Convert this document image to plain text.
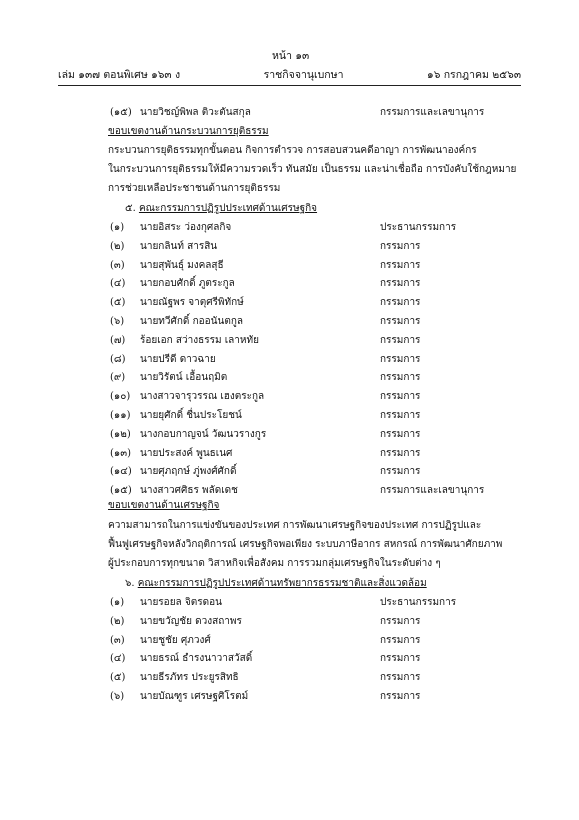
หน้า ๑๓
เล่ม ๑๓๗ ตอนพิเศษ ๑๖๓ ง	ราชกิจจานุเบกษา	๑๖ กรกฎาคม ๒๕๖๓
(๑๕) นายวิชญ์พิพล ติวะตันสกุล	กรรมการและเลขานุการ
ขอบเขตงานด้านกระบวนการยุติธรรม
กระบวนการยุติธรรมทุกขั้นตอน กิจการตำรวจ การสอบสวนคดีอาญา การพัฒนาองค์กร
ในกระบวนการยุติธรรมให้มีความรวดเร็ว ทันสมัย เป็นธรรม และน่าเชื่อถือ การบังคับใช้กฎหมาย
การช่วยเหลือประชาชนด้านการยุติธรรม
๕. คณะกรรมการปฏิรูปประเทศด้านเศรษฐกิจ
(๑) นายอิสระ ว่องกุศลกิจ	ประธานกรรมการ
(๒) นายกลินท์ สารสิน	กรรมการ
(๓) นายสุพันธุ์ มงคลสุธี	กรรมการ
(๔) นายกอบศักดิ์ ภูตระกูล	กรรมการ
(๕) นายณัฐพร จาตุศรีพิทักษ์	กรรมการ
(๖) นายทวีศักดิ์ กออนันตกูล	กรรมการ
(๗) ร้อยเอก สว่างธรรม เลาหทัย	กรรมการ
(๘) นายปรีดี ดาวฉาย	กรรมการ
(๙) นายวิรัตน์ เอื้อนฤมิต	กรรมการ
(๑๐) นางสาวจารุวรรณ เฮงตระกูล	กรรมการ
(๑๑) นายยุศักดิ์ ชื่นประโยชน์	กรรมการ
(๑๒) นางกอบกาญจน์ วัฒนวรางกูร	กรรมการ
(๑๓) นายประสงค์ พูนธเนศ	กรรมการ
(๑๔) นายศุภฤกษ์ ภู่พงศ์ศักดิ์	กรรมการ
(๑๕) นางสาวศศิธร พลัดเดช	กรรมการและเลขานุการ
ขอบเขตงานด้านเศรษฐกิจ
ความสามารถในการแข่งขันของประเทศ การพัฒนาเศรษฐกิจของประเทศ การปฏิรูปและ
ฟื้นฟูเศรษฐกิจหลังวิกฤติการณ์ เศรษฐกิจพอเพียง ระบบภาษีอากร สหกรณ์ การพัฒนาศักยภาพ
ผู้ประกอบการทุกขนาด วิสาหกิจเพื่อสังคม การรวมกลุ่มเศรษฐกิจในระดับต่าง ๆ
๖. คณะกรรมการปฏิรูปประเทศด้านทรัพยากรธรรมชาติและสิ่งแวดล้อม
(๑) นายรอยล จิตรดอน	ประธานกรรมการ
(๒) นายขวัญชัย ดวงสถาพร	กรรมการ
(๓) นายชูชัย ศุภวงศ์	กรรมการ
(๔) นายธรณ์ ธำรงนาวาสวัสดิ์	กรรมการ
(๕) นายธีรภัทร ประยูรสิทธิ	กรรมการ
(๖) นายบัณฑูร เศรษฐศิโรตม์	กรรมการ
